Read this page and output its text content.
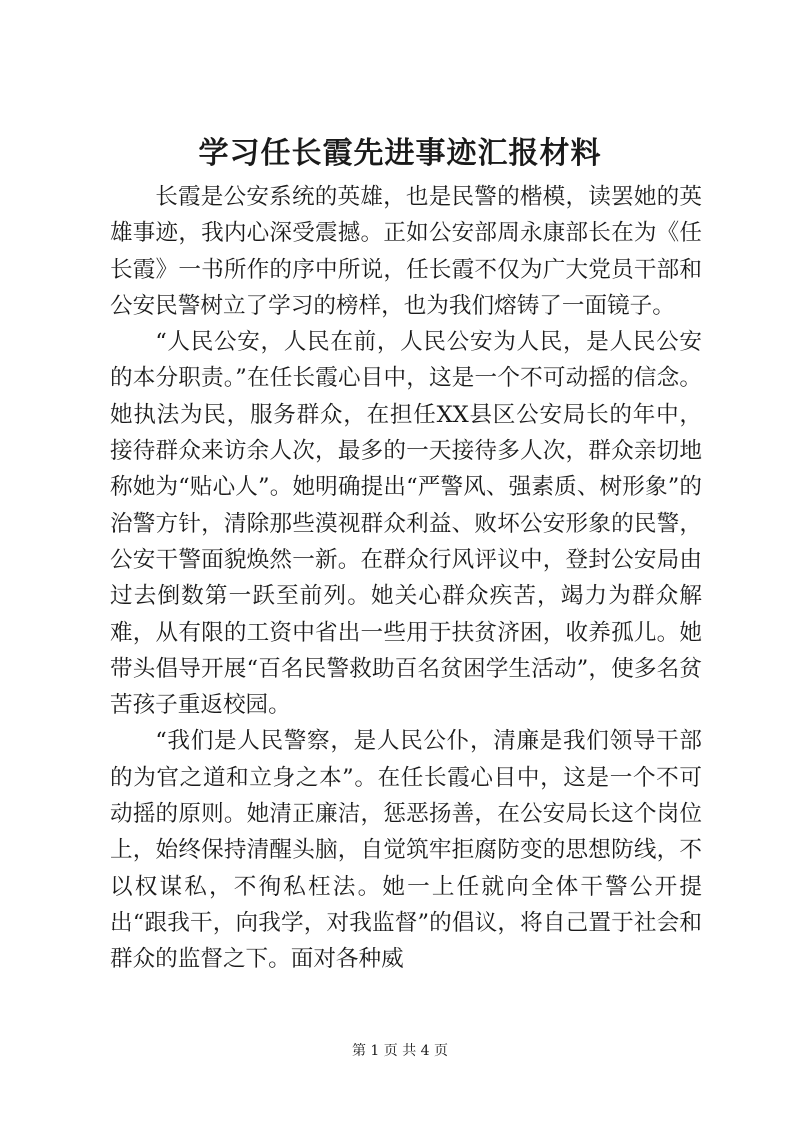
学习任长霞先进事迹汇报材料

长霞是公安系统的英雄，也是民警的楷模，读罢她的英雄事迹，我内心深受震撼。正如公安部周永康部长在为《任长霞》一书所作的序中所说，任长霞不仅为广大党员干部和公安民警树立了学习的榜样，也为我们熔铸了一面镜子。

“人民公安，人民在前，人民公安为人民，是人民公安的本分职责。”在任长霞心目中，这是一个不可动摇的信念。她执法为民，服务群众，在担任XX县区公安局长的年中，接待群众来访余人次，最多的一天接待多人次，群众亲切地称她为“贴心人”。她明确提出“严警风、强素质、树形象”的治警方针，清除那些漠视群众利益、败坏公安形象的民警，公安干警面貌焕然一新。在群众行风评议中，登封公安局由过去倒数第一跃至前列。她关心群众疾苦，竭力为群众解难，从有限的工资中省出一些用于扶贫济困，收养孤儿。她带头倡导开展“百名民警救助百名贫困学生活动”，使多名贫苦孩子重返校园。

“我们是人民警察，是人民公仆，清廉是我们领导干部的为官之道和立身之本”。在任长霞心目中，这是一个不可动摇的原则。她清正廉洁，惩恶扬善，在公安局长这个岗位上，始终保持清醒头脑，自觉筑牢拒腐防变的思想防线，不以权谋私，不徇私枉法。她一上任就向全体干警公开提出“跟我干，向我学，对我监督”的倡议，将自己置于社会和群众的监督之下。面对各种威

第 1 页 共 4 页
